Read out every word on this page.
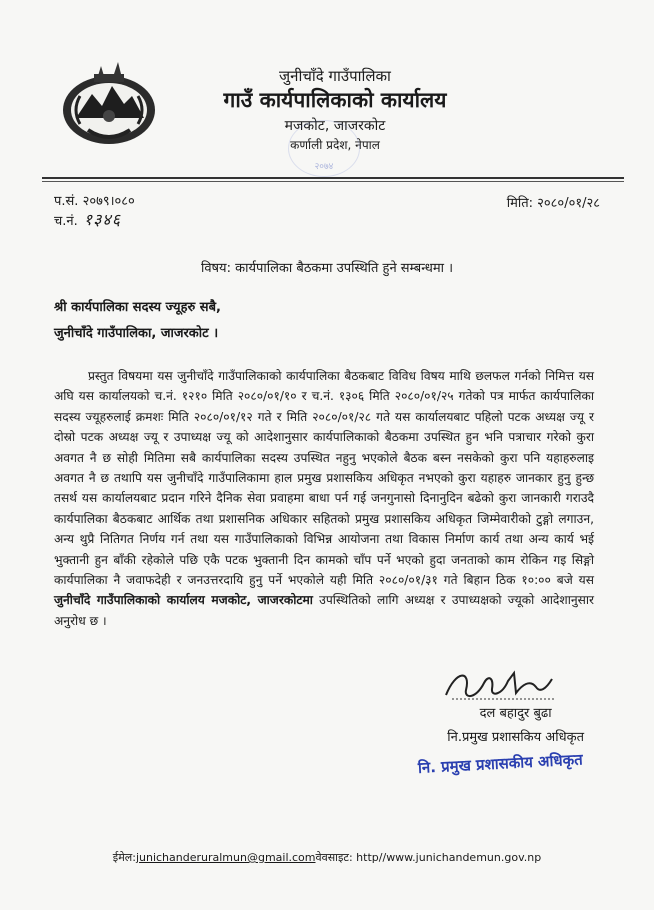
जुनीचाँदे गाउँपालिका
गाउँ कार्यपालिकाको कार्यालय
मजकोट, जाजरकोट
कर्णाली प्रदेश, नेपाल
२०७४
प.सं. २०७९।०८०
च.नं. १३४६
मिति: २०८०/०१/२८
विषय: कार्यपालिका बैठकमा उपस्थिति हुने सम्बन्धमा ।
श्री कार्यपालिका सदस्य ज्यूहरु सबै,
जुनीचाँदे गाउँपालिका, जाजरकोट ।
प्रस्तुत विषयमा यस जुनीचाँदे गाउँपालिकाको कार्यपालिका बैठकबाट विविध विषय माथि छलफल गर्नको निमित्त यस अघि यस कार्यालयको च.नं. १२१० मिति २०८०/०१/१० र च.नं. १३०६ मिति २०८०/०१/२५ गतेको पत्र मार्फत कार्यपालिका सदस्य ज्यूहरुलाई क्रमशः मिति २०८०/०१/१२ गते र मिति २०८०/०१/२८ गते यस कार्यालयबाट पहिलो पटक अध्यक्ष ज्यू र दोस्रो पटक अध्यक्ष ज्यू र उपाध्यक्ष ज्यू को आदेशानुसार कार्यपालिकाको बैठकमा उपस्थित हुन भनि पत्राचार गरेको कुरा अवगत नै छ सोही मितिमा सबै कार्यपालिका सदस्य उपस्थित नहुनु भएकोले बैठक बस्न नसकेको कुरा पनि यहाहरुलाइ अवगत नै छ तथापि यस जुनीचाँदे गाउँपालिकामा हाल प्रमुख प्रशासकिय अधिकृत नभएको कुरा यहाहरु जानकार हुनु हुन्छ तसर्थ यस कार्यालयबाट प्रदान गरिने दैनिक सेवा प्रवाहमा बाधा पर्न गई जनगुनासो दिनानुदिन बढेको कुरा जानकारी गराउदै कार्यपालिका बैठकबाट आर्थिक तथा प्रशासनिक अधिकार सहितको प्रमुख प्रशासकिय अधिकृत जिम्मेवारीको टुङ्गो लगाउन, अन्य थुप्रै नितिगत निर्णय गर्न तथा यस गाउँपालिकाको विभिन्न आयोजना तथा विकास निर्माण कार्य तथा अन्य कार्य भई भुक्तानी हुन बाँकी रहेकोले पछि एकै पटक भुक्तानी दिन कामको चाँप पर्ने भएको हुदा जनताको काम रोकिन गइ सिङ्गो कार्यपालिका नै जवाफदेही र जनउत्तरदायि हुनु पर्ने भएकोले यही मिति २०८०/०१/३१ गते बिहान ठिक १०:०० बजे यस जुनीचाँदे गाउँपालिकाको कार्यालय मजकोट, जाजरकोटमा उपस्थितिको लागि अध्यक्ष र उपाध्यक्षको ज्यूको आदेशानुसार अनुरोध छ ।
दल बहादुर बुढा
नि.प्रमुख प्रशासकिय अधिकृत
नि. प्रमुख प्रशासकीय अधिकृत
ईमेल:junichanderuralmun@gmail.comवेवसाइट: http//www.junichandemun.gov.np
